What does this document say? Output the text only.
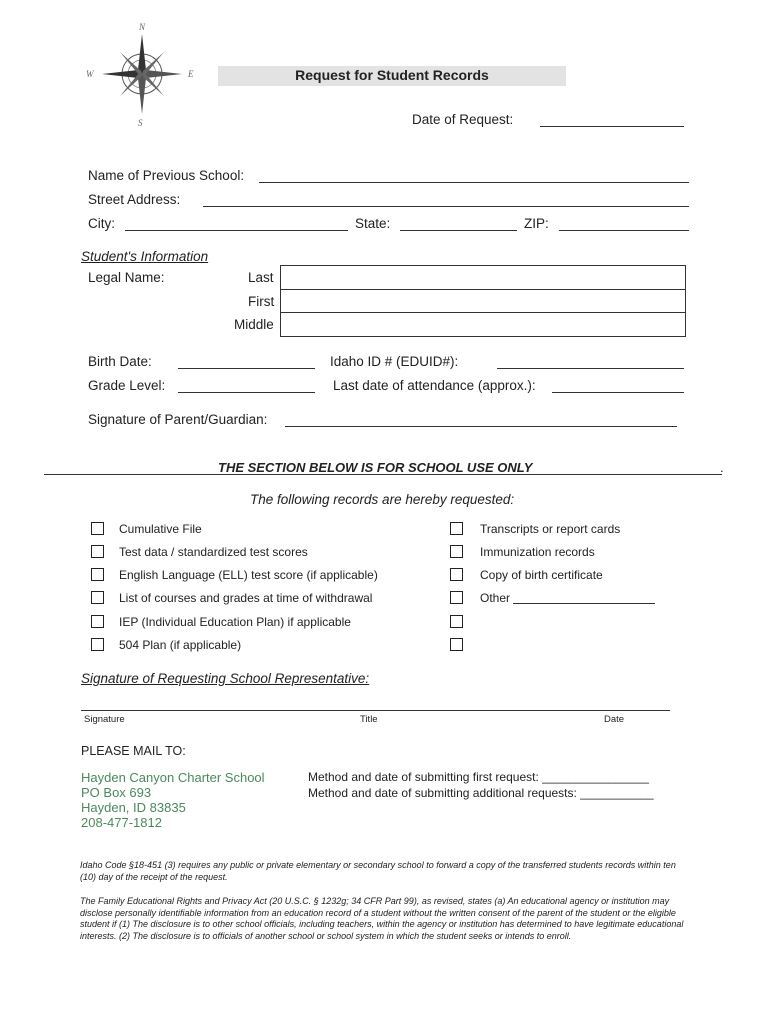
N
W	E
S
Request for Student Records
Date of Request:
Name of Previous School:
Street Address:
City:	State:	ZIP:
Student's Information
Legal Name:	Last
First
Middle
Birth Date:	Idaho ID # (EDUID#):
Grade Level:	Last date of attendance (approx.):
Signature of Parent/Guardian:
THE SECTION BELOW IS FOR SCHOOL USE ONLY	.
The following records are hereby requested:
Cumulative File
Test data / standardized test scores
English Language (ELL) test score (if applicable)
List of courses and grades at time of withdrawal
IEP (Individual Education Plan) if applicable
504 Plan (if applicable)
Transcripts or report cards
Immunization records
Copy of birth certificate
Other
Signature of Requesting School Representative:
Signature	Title	Date
PLEASE MAIL TO:
Hayden Canyon Charter School
PO Box 693
Hayden, ID 83835
208-477-1812
Method and date of submitting first request: ________________
Method and date of submitting additional requests: ___________
Idaho Code §18-451 (3) requires any public or private elementary or secondary school to forward a copy of the transferred students records within ten (10) day of the receipt of the request.
The Family Educational Rights and Privacy Act (20 U.S.C. § 1232g; 34 CFR Part 99), as revised, states (a) An educational agency or institution may disclose personally identifiable information from an education record of a student without the written consent of the parent of the student or the eligible student if (1) The disclosure is to other school officials, including teachers, within the agency or institution has determined to have legitimate educational interests. (2) The disclosure is to officials of another school or school system in which the student seeks or intends to enroll.
